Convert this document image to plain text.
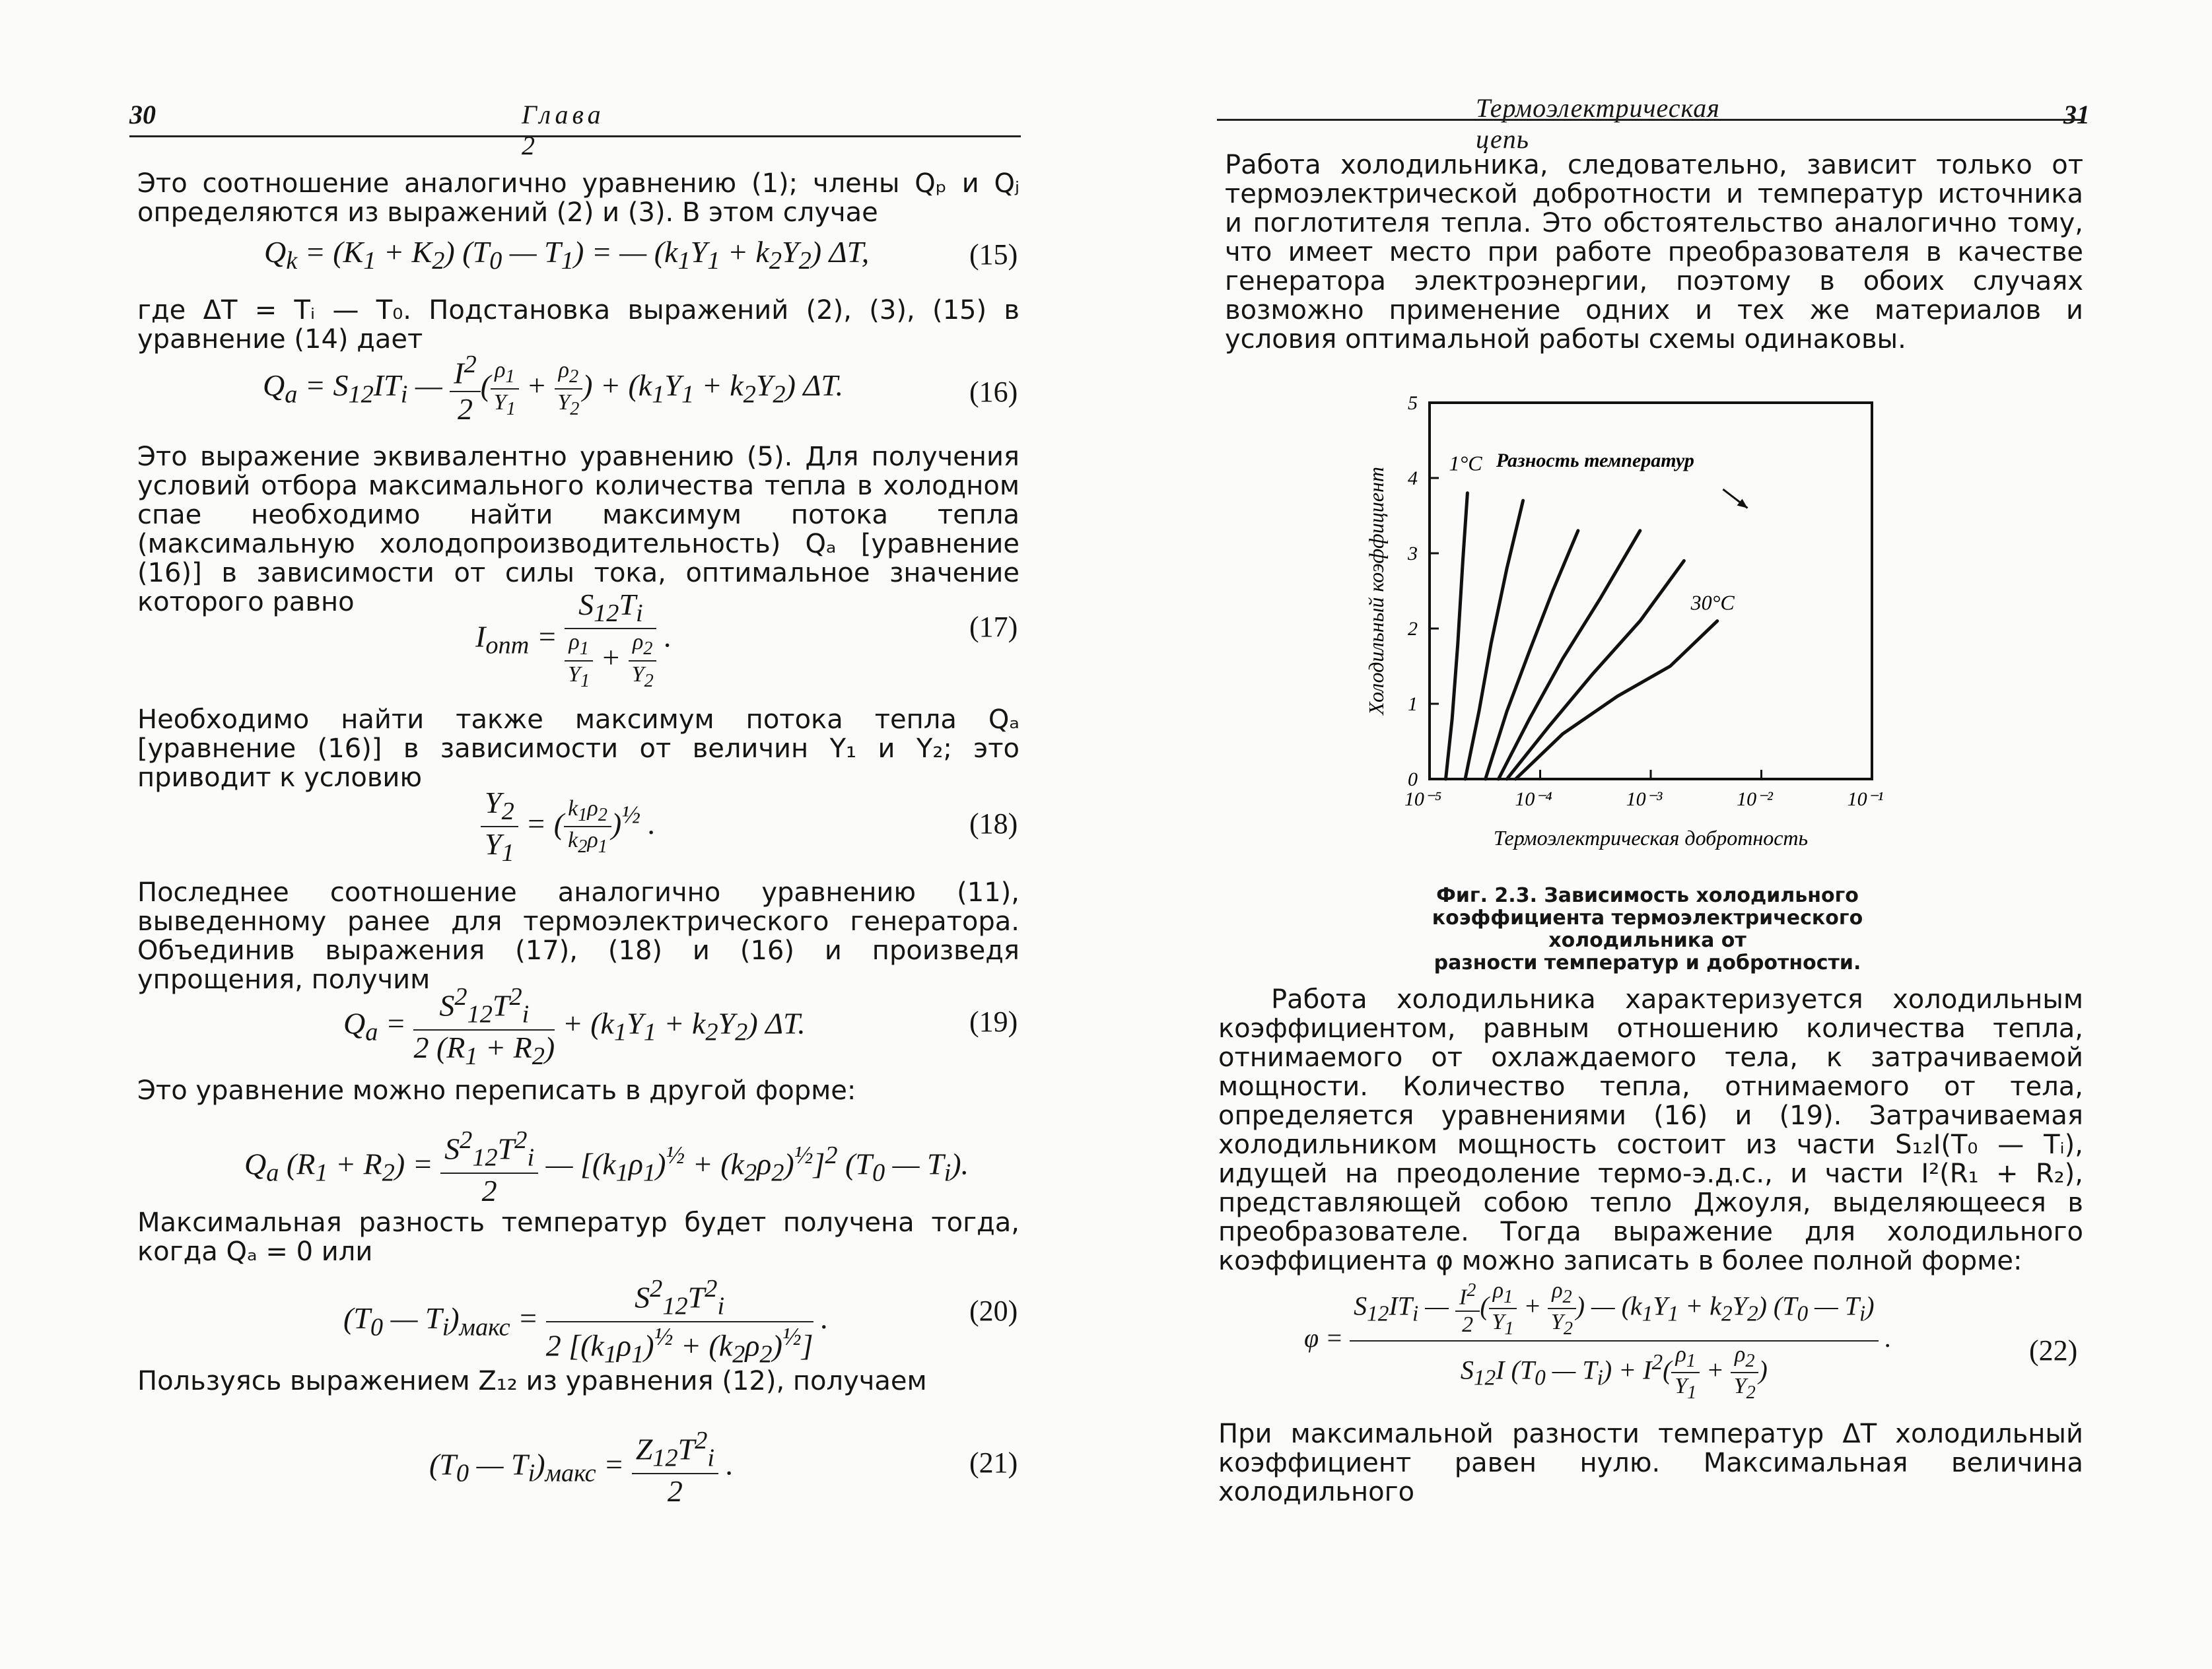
30	Глава 2

Это соотношение аналогично уравнению (1); члены Qₚ и Qⱼ определяются из выражений (2) и (3). В этом случае

$Q_k = (K_1 + K_2)$ ($T_0$ — $T_1$) = — $(k_1Y_1 + k_2Y_2)$ ΔT,	(15)

где ΔT = Tᵢ — T₀. Подстановка выражений (2), (3), (15) в уравнение (14) дает

$Q_a = S_{12}IT_i$ — $\frac{I^2}{2}$ ( $\frac{\rho_1}{Y_1} + \frac{\rho_2}{Y_2}$ ) + $(k_1Y_1 + k_2Y_2)$ ΔT.	(16)

Это выражение эквивалентно уравнению (5). Для получения условий отбора максимального количества тепла в холодном спае необходимо найти максимум потока тепла (максимальную холодопроизводительность) Qₐ [уравнение (16)] в зависимости от силы тока, оптимальное значение которого равно

$I_{опт} = \frac{S_{12}T_i}{\frac{\rho_1}{Y_1} + \frac{\rho_2}{Y_2}}$ .	(17)

Необходимо найти также максимум потока тепла Qₐ [уравнение (16)] в зависимости от величин Y₁ и Y₂; это приводит к условию

$\frac{Y_2}{Y_1}$ = ( $\frac{k_1\rho_2}{k_2\rho_1} )^{\frac{1}{2}}$ .	(18)

Последнее соотношение аналогично уравнению (11), выведенному ранее для термоэлектрического генератора. Объединив выражения (17), (18) и (16) и произведя упрощения, получим

$Q_a = \frac{S^2_{12}T^2_i}{2 (R_1 + R_2)} + (k_1Y_1 + k_2Y_2)$ ΔT.	(19)

Это уравнение можно переписать в другой форме:

$Q_a$ $(R_1 + R_2) = \frac{S^2_{12}T^2_i}{2}$ — $[(k_1\rho_1)^{\frac{1}{2}} + (k_2\rho_2)^{\frac{1}{2}}]^2$ ($T_0$ — $T_i$).

Максимальная разность температур будет получена тогда, когда Qₐ = 0 или

($T_0$ — $T_i)_{макс} = \frac{S^2_{12}T^2_i}{2 [(k_1\rho_1)^{\frac{1}{2}} + (k_2\rho_2)^{\frac{1}{2}}]}$ .	(20)

Пользуясь выражением Z₁₂ из уравнения (12), получаем

($T_0$ — $T_i)_{макс} = \frac{Z_{12}T^2_i}{2}$ .	(21)
Термоэлектрическая цепь
31

Работа холодильника, следовательно, зависит только от термоэлектрической добротности и температур источника и поглотителя тепла. Это обстоятельство аналогично тому, что имеет место при работе преобразователя в качестве генератора электроэнергии, поэтому в обоих случаях возможно применение одних и тех же материалов и условия оптимальной работы схемы одинаковы.

0
1
2
3
4
5
10⁻⁵	10⁻⁴	10⁻³	10⁻²	10⁻¹
Термоэлектрическая добротность
Холодильный коэффициент
1°C Разность температур
30°C
Фиг. 2.3. Зависимость холодильного коэффициента термоэлектрического холодильника от
разности температур и добротности.

Работа холодильника характеризуется холодильным коэффициентом, равным отношению количества тепла, отнимаемого от охлаждаемого тела, к затрачиваемой мощности. Количество тепла, отнимаемого от тела, определяется уравнениями (16) и (19). Затрачиваемая холодильником мощность состоит из части S₁₂I(T₀ — Tᵢ), идущей на преодоление термо-э.д.с., и части I²(R₁ + R₂), представляющей собою тепло Джоуля, выделяющееся в преобразователе. Тогда выражение для холодильного коэффициента φ можно записать в более полной форме:

$\varphi = \frac{S_{12}IT_i — \frac{I^2}{2} ( \frac{\rho_1}{Y_1} + \frac{\rho_2}{Y_2} ) — (k_1Y_1 + k_2Y_2) (T_0 — T_i)}{S_{12}I (T_0 — T_i) + I^2( \frac{\rho_1}{Y_1} + \frac{\rho_2}{Y_2} )}$ .	(22)

При максимальной разности температур ΔT холодильный коэффициент равен нулю. Максимальная величина холодильного
